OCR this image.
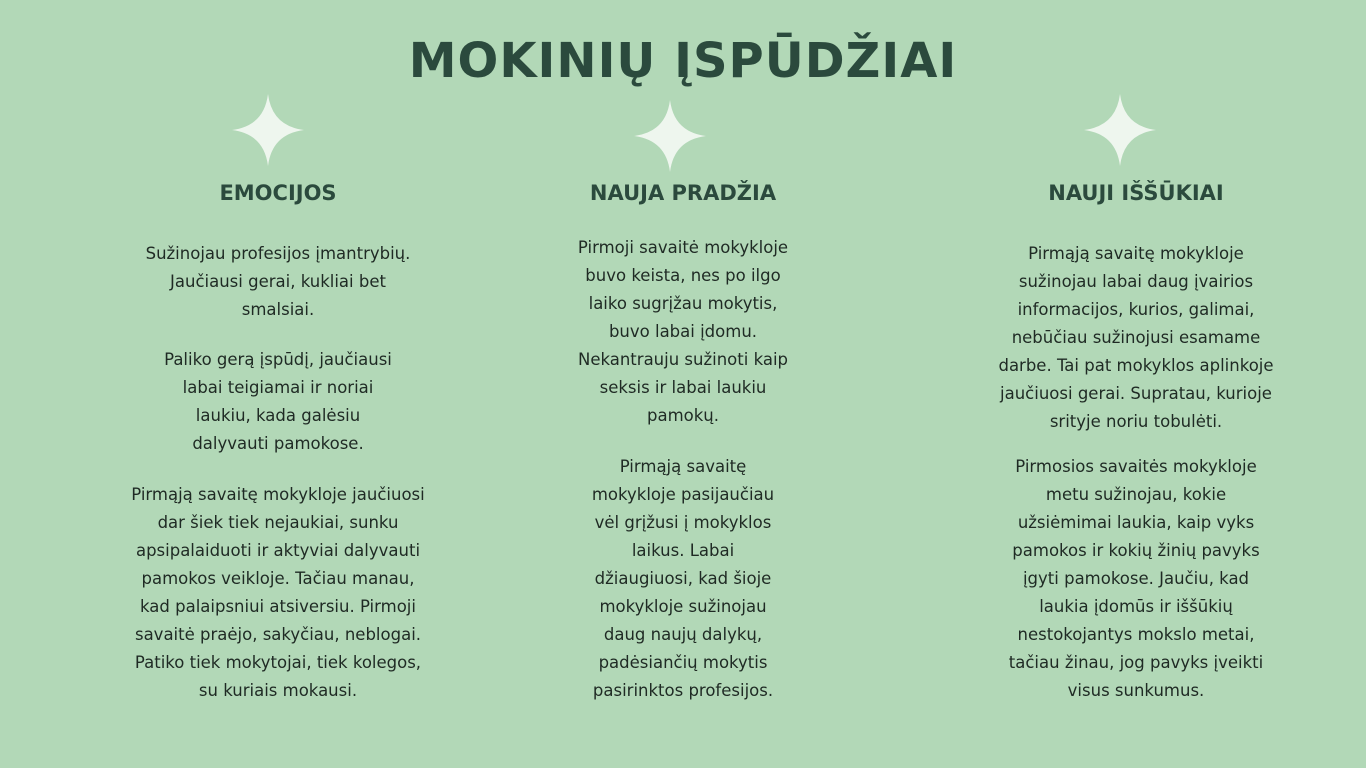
MOKINIŲ ĮSPŪDŽIAI
EMOCIJOS

Sužinojau profesijos įmantrybių.
Jaučiausi gerai, kukliai bet
smalsiai.

Paliko gerą įspūdį, jaučiausi
labai teigiamai ir noriai
laukiu, kada galėsiu
dalyvauti pamokose.

Pirmąją savaitę mokykloje jaučiuosi
dar šiek tiek nejaukiai, sunku
apsipalaiduoti ir aktyviai dalyvauti
pamokos veikloje. Tačiau manau,
kad palaipsniui atsiversiu. Pirmoji
savaitė praėjo, sakyčiau, neblogai.
Patiko tiek mokytojai, tiek kolegos,
su kuriais mokausi.

NAUJA PRADŽIA

Pirmoji savaitė mokykloje
buvo keista, nes po ilgo
laiko sugrįžau mokytis,
buvo labai įdomu.
Nekantrauju sužinoti kaip
seksis ir labai laukiu
pamokų.

Pirmąją savaitę
mokykloje pasijaučiau
vėl grįžusi į mokyklos
laikus. Labai
džiaugiuosi, kad šioje
mokykloje sužinojau
daug naujų dalykų,
padėsiančių mokytis
pasirinktos profesijos.

NAUJI IŠŠŪKIAI

Pirmąją savaitę mokykloje
sužinojau labai daug įvairios
informacijos, kurios, galimai,
nebūčiau sužinojusi esamame
darbe. Tai pat mokyklos aplinkoje
jaučiuosi gerai. Supratau, kurioje
srityje noriu tobulėti.

Pirmosios savaitės mokykloje
metu sužinojau, kokie
užsiėmimai laukia, kaip vyks
pamokos ir kokių žinių pavyks
įgyti pamokose. Jaučiu, kad
laukia įdomūs ir iššūkių
nestokojantys mokslo metai,
tačiau žinau, jog pavyks įveikti
visus sunkumus.
